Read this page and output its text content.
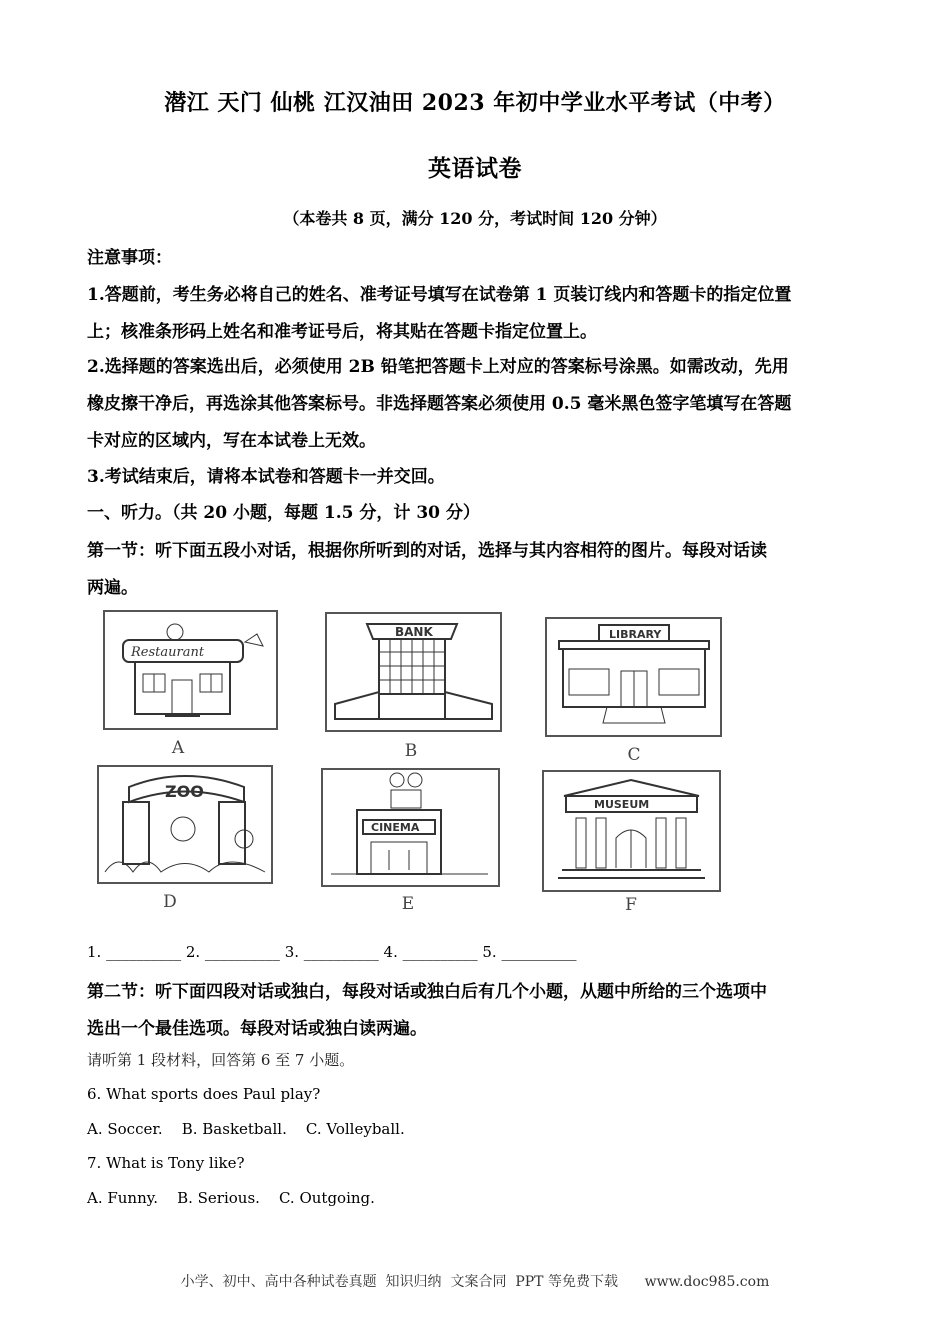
潜江 天门 仙桃 江汉油田 2023 年初中学业水平考试（中考）
英语试卷
（本卷共 8 页，满分 120 分，考试时间 120 分钟）
注意事项：
1.答题前，考生务必将自己的姓名、准考证号填写在试卷第 1 页装订线内和答题卡的指定位置
上；核准条形码上姓名和准考证号后，将其贴在答题卡指定位置上。
2.选择题的答案选出后，必须使用 2B 铅笔把答题卡上对应的答案标号涂黑。如需改动，先用
橡皮擦干净后，再选涂其他答案标号。非选择题答案必须使用 0.5 毫米黑色签字笔填写在答题
卡对应的区域内，写在本试卷上无效。
3.考试结束后，请将本试卷和答题卡一并交回。
一、听力。（共 20 小题，每题 1.5 分，计 30 分）
第一节：听下面五段小对话，根据你所听到的对话，选择与其内容相符的图片。每段对话读
两遍。
Restaurant
A
BANK
B
LIBRARY
C
ZOO
D
CINEMA
E
MUSEUM
F
1. __________ 2. __________ 3. __________ 4. __________ 5. __________
第二节：听下面四段对话或独白，每段对话或独白后有几个小题，从题中所给的三个选项中
选出一个最佳选项。每段对话或独白读两遍。
请听第 1 段材料，回答第 6 至 7 小题。
6. What sports does Paul play?
A. Soccer.    B. Basketball.    C. Volleyball.
7. What is Tony like?
A. Funny.    B. Serious.    C. Outgoing.
小学、初中、高中各种试卷真题  知识归纳  文案合同  PPT 等免费下载      www.doc985.com
